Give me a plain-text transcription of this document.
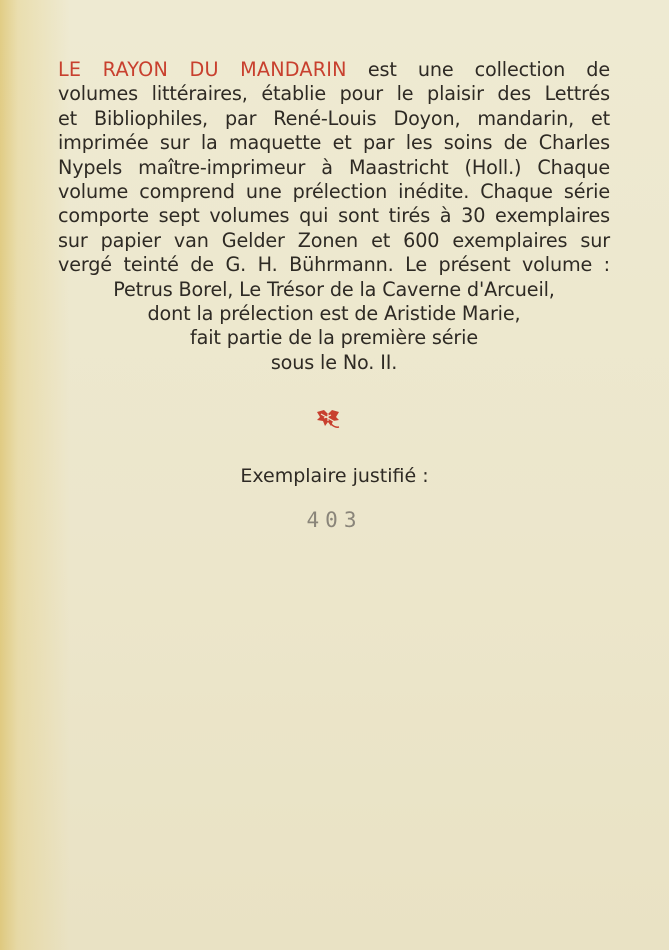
LE RAYON DU MANDARIN est une collection de
volumes littéraires, établie pour le plaisir des Lettrés
et Bibliophiles, par René-Louis Doyon, mandarin, et
imprimée sur la maquette et par les soins de Charles
Nypels maître-imprimeur à Maastricht (Holl.) Chaque
volume comprend une prélection inédite. Chaque série
comporte sept volumes qui sont tirés à 30 exemplaires
sur papier van Gelder Zonen et 600 exemplaires sur
vergé teinté de G. H. Bührmann. Le présent volume :
Petrus Borel, Le Trésor de la Caverne d'Arcueil,
dont la prélection est de Aristide Marie,
fait partie de la première série
sous le No. II.
Exemplaire justifié :
403
